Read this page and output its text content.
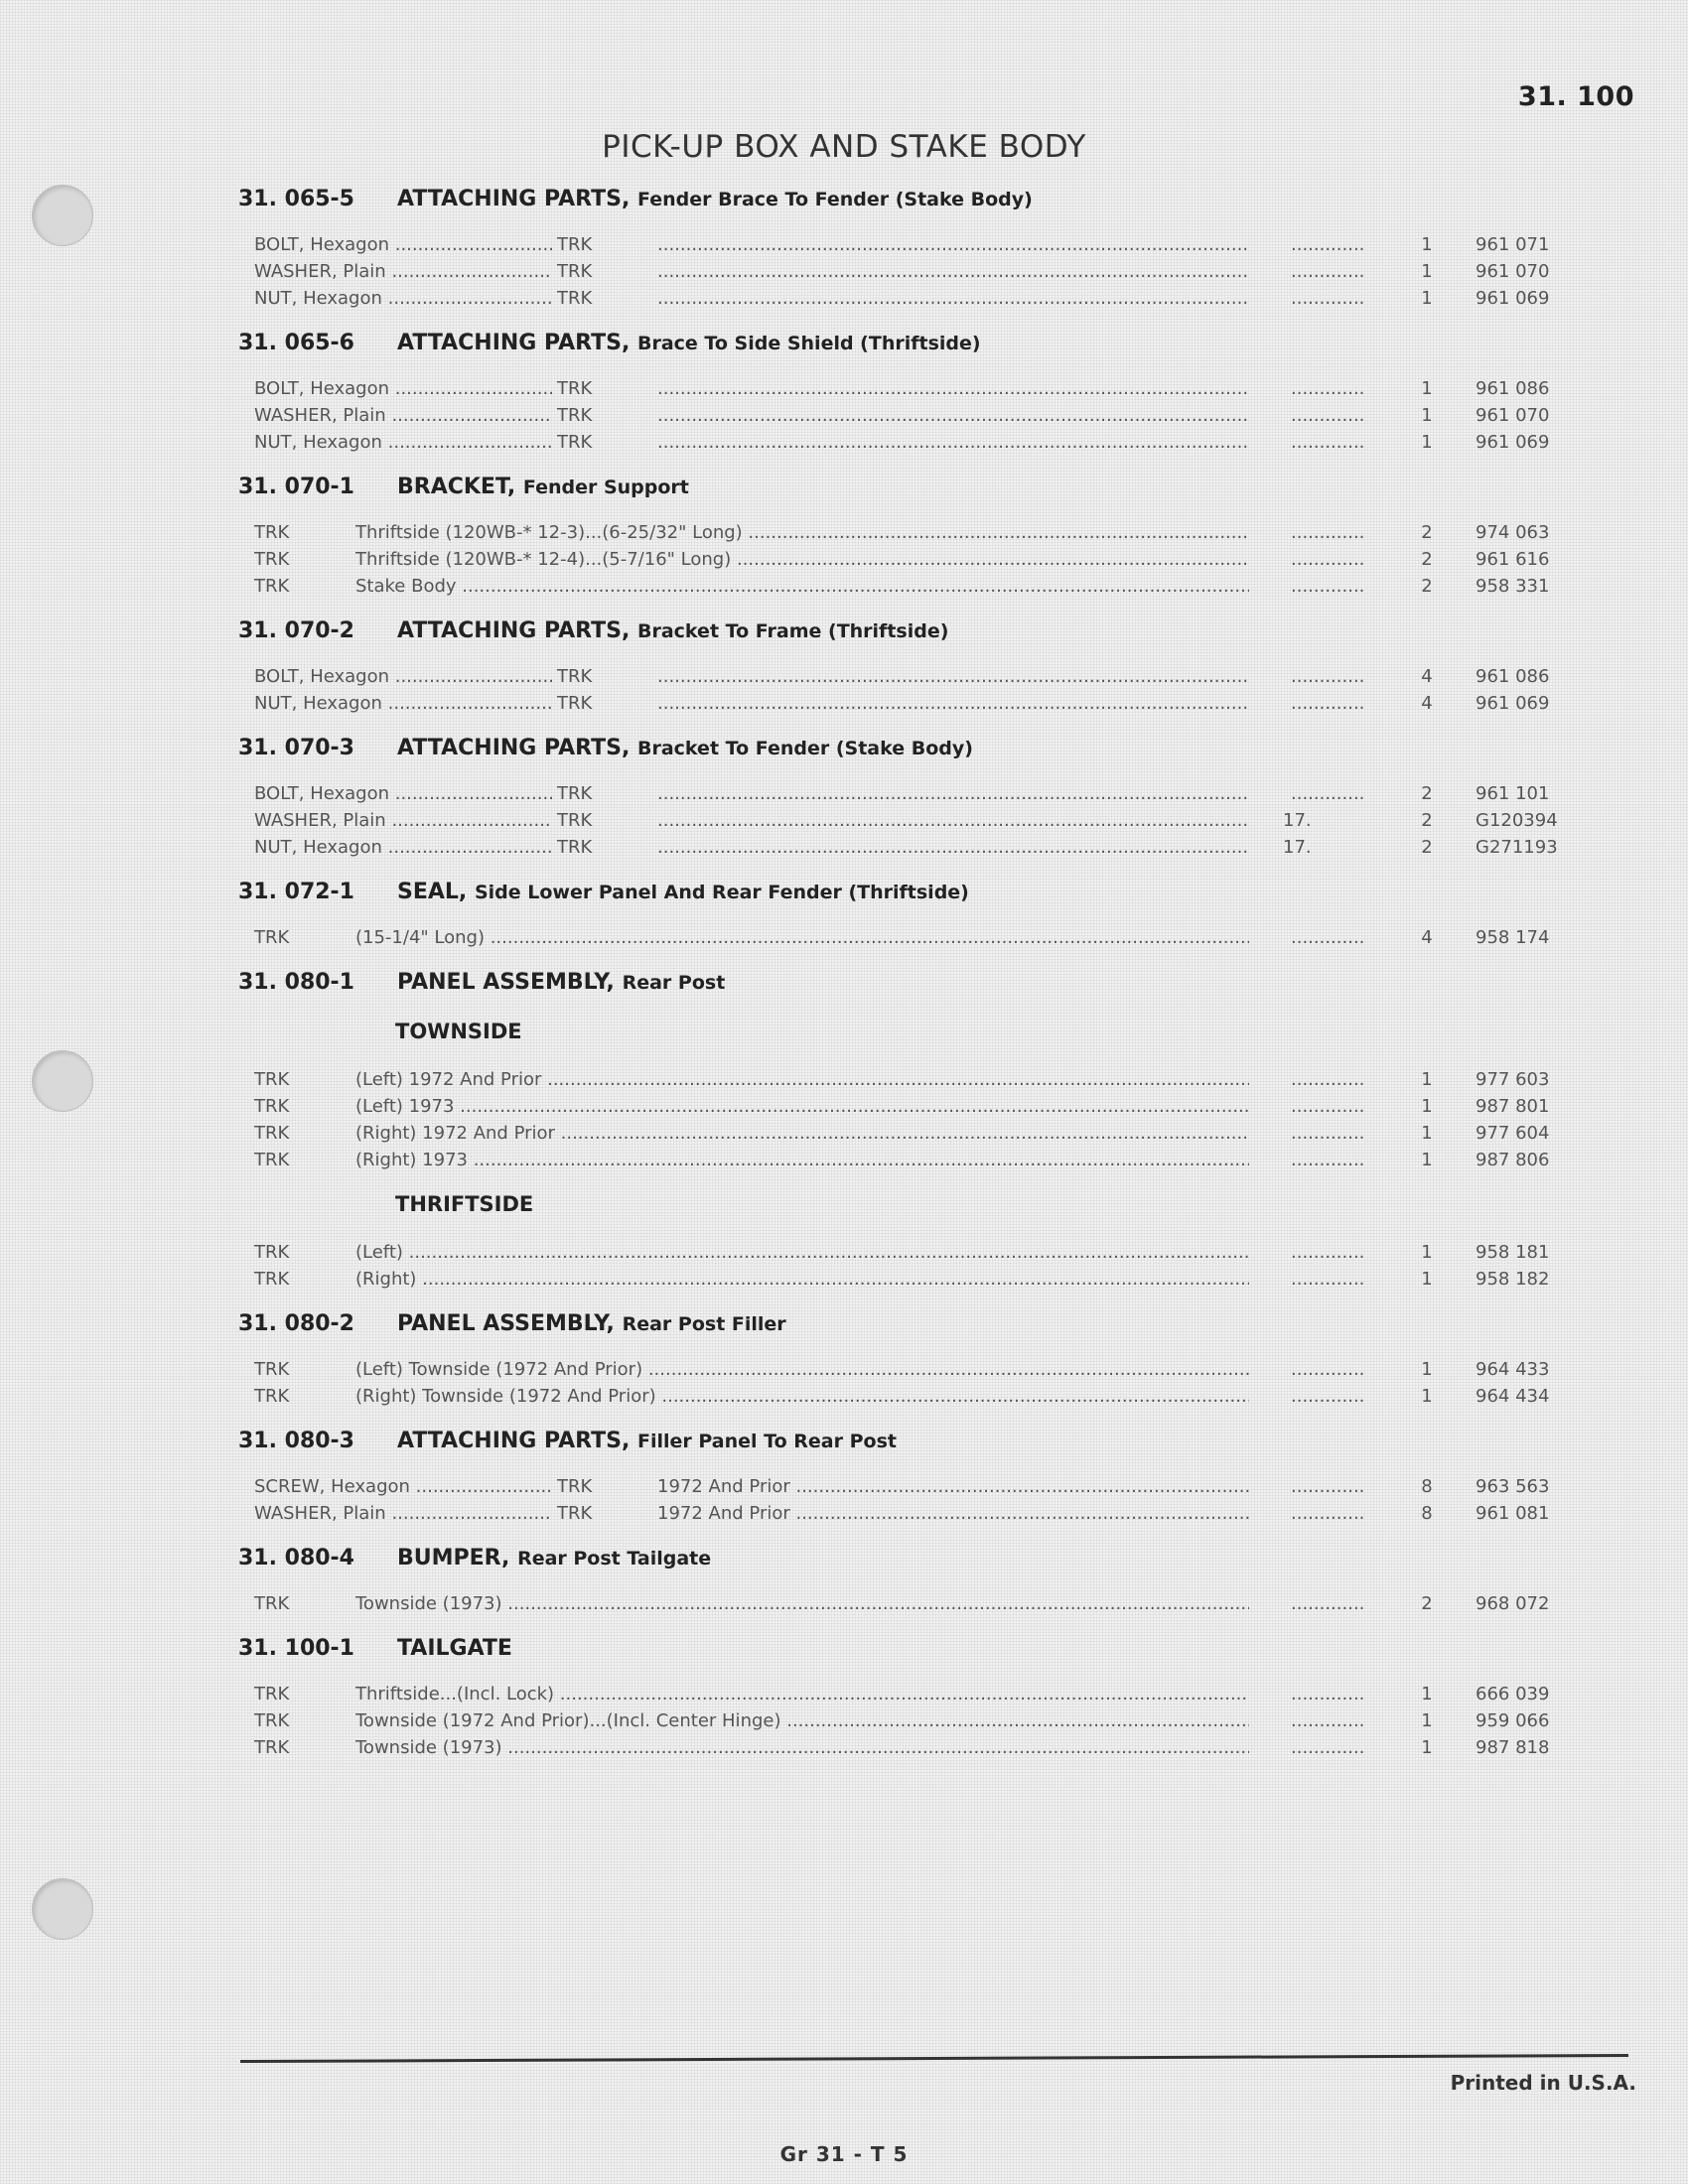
31. 100
PICK-UP BOX AND STAKE BODY
31. 065-5 ATTACHING PARTS, Fender Brace To Fender (Stake Body)
BOLT, Hexagon .....	TRK ..... .....	1	961 071
WASHER, Plain .....	TRK ..... .....	1	961 070
NUT, Hexagon .....	TRK ..... .....	1	961 069
31. 065-6 ATTACHING PARTS, Brace To Side Shield (Thriftside)
BOLT, Hexagon .....	TRK ..... .....	1	961 086
WASHER, Plain .....	TRK ..... .....	1	961 070
NUT, Hexagon .....	TRK ..... .....	1	961 069
31. 070-1 BRACKET, Fender Support
TRK	Thriftside (120WB-* 12-3)...(6-25/32" Long) ..... .....	2	974 063
TRK	Thriftside (120WB-* 12-4)...(5-7/16" Long) ..... .....	2	961 616
TRK	Stake Body ..... .....	2	958 331
31. 070-2 ATTACHING PARTS, Bracket To Frame (Thriftside)
BOLT, Hexagon .....	TRK ..... .....	4	961 086
NUT, Hexagon .....	TRK ..... .....	4	961 069
31. 070-3 ATTACHING PARTS, Bracket To Fender (Stake Body)
BOLT, Hexagon .....	TRK ..... .....	2	961 101
WASHER, Plain .....	TRK .....	17.	2	G120394
NUT, Hexagon .....	TRK .....	17.	2	G271193
31. 072-1 SEAL, Side Lower Panel And Rear Fender (Thriftside)
TRK	(15-1/4" Long) ..... .....	4	958 174
31. 080-1 PANEL ASSEMBLY, Rear Post
TOWNSIDE
TRK	(Left) 1972 And Prior ..... .....	1	977 603
TRK	(Left) 1973 ..... .....	1	987 801
TRK	(Right) 1972 And Prior ..... .....	1	977 604
TRK	(Right) 1973 ..... .....	1	987 806
THRIFTSIDE
TRK	(Left) ..... .....	1	958 181
TRK	(Right) ..... .....	1	958 182
31. 080-2 PANEL ASSEMBLY, Rear Post Filler
TRK	(Left) Townside (1972 And Prior) ..... .....	1	964 433
TRK	(Right) Townside (1972 And Prior) ..... .....	1	964 434
31. 080-3 ATTACHING PARTS, Filler Panel To Rear Post
SCREW, Hexagon .....	TRK	1972 And Prior ..... .....	8	963 563
WASHER, Plain .....	TRK	1972 And Prior ..... .....	8	961 081
31. 080-4 BUMPER, Rear Post Tailgate
TRK	Townside (1973) ..... .....	2	968 072
31. 100-1 TAILGATE
TRK	Thriftside...(Incl. Lock) ..... .....	1	666 039
TRK	Townside (1972 And Prior)...(Incl. Center Hinge) ..... .....	1	959 066
TRK	Townside (1973) ..... .....	1	987 818
Printed in U.S.A.
Gr 31 - T 5
